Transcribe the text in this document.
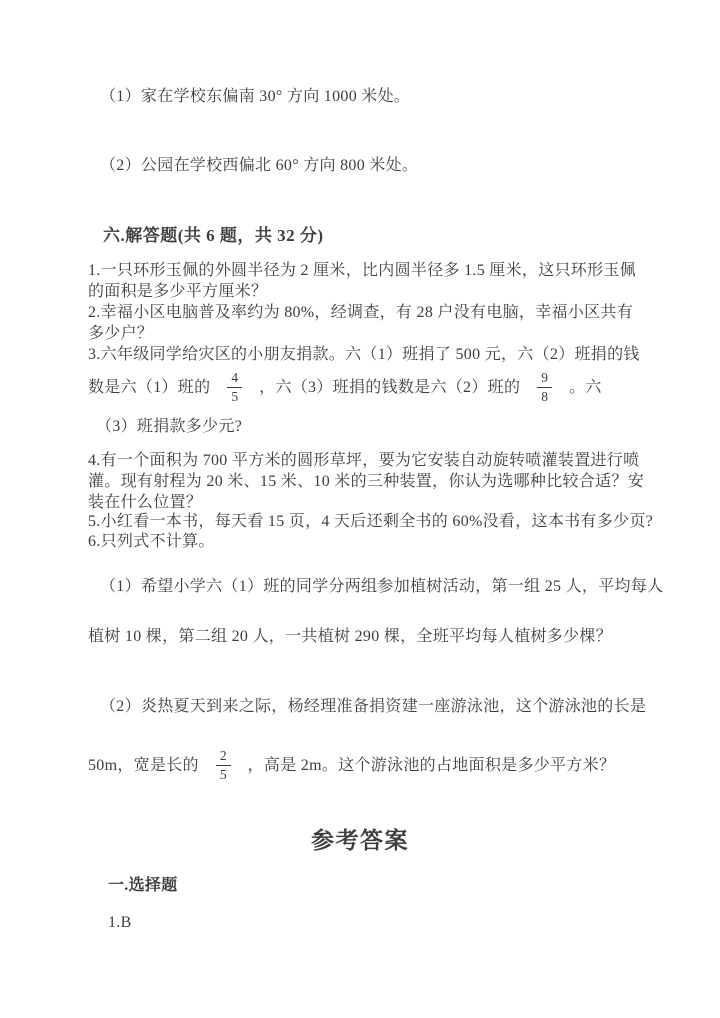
（1）家在学校东偏南 30° 方向 1000 米处。
（2）公园在学校西偏北 60° 方向 800 米处。
六.解答题(共 6 题，共 32 分)
1.一只环形玉佩的外圆半径为 2 厘米，比内圆半径多 1.5 厘米，这只环形玉佩
的面积是多少平方厘米？
2.幸福小区电脑普及率约为 80%，经调查，有 28 户没有电脑，幸福小区共有
多少户？
3.六年级同学给灾区的小朋友捐款。六（1）班捐了 500 元，六（2）班捐的钱
数是六（1）班的 $\frac{4}{5}$ ，六（3）班捐的钱数是六（2）班的 $\frac{9}{8}$ 。六
（3）班捐款多少元?
4.有一个面积为 700 平方米的圆形草坪，要为它安装自动旋转喷灌装置进行喷
灌。现有射程为 20 米、15 米、10 米的三种装置，你认为选哪种比较合适？安
装在什么位置？
5.小红看一本书，每天看 15 页，4 天后还剩全书的 60%没看，这本书有多少页?
6.只列式不计算。
（1）希望小学六（1）班的同学分两组参加植树活动，第一组 25 人，平均每人
植树 10 棵，第二组 20 人，一共植树 290 棵，全班平均每人植树多少棵？
（2）炎热夏天到来之际，杨经理准备捐资建一座游泳池，这个游泳池的长是
50m，宽是长的 $\frac{2}{5}$ ，高是 2m。这个游泳池的占地面积是多少平方米？
参考答案
一.选择题
1.B
